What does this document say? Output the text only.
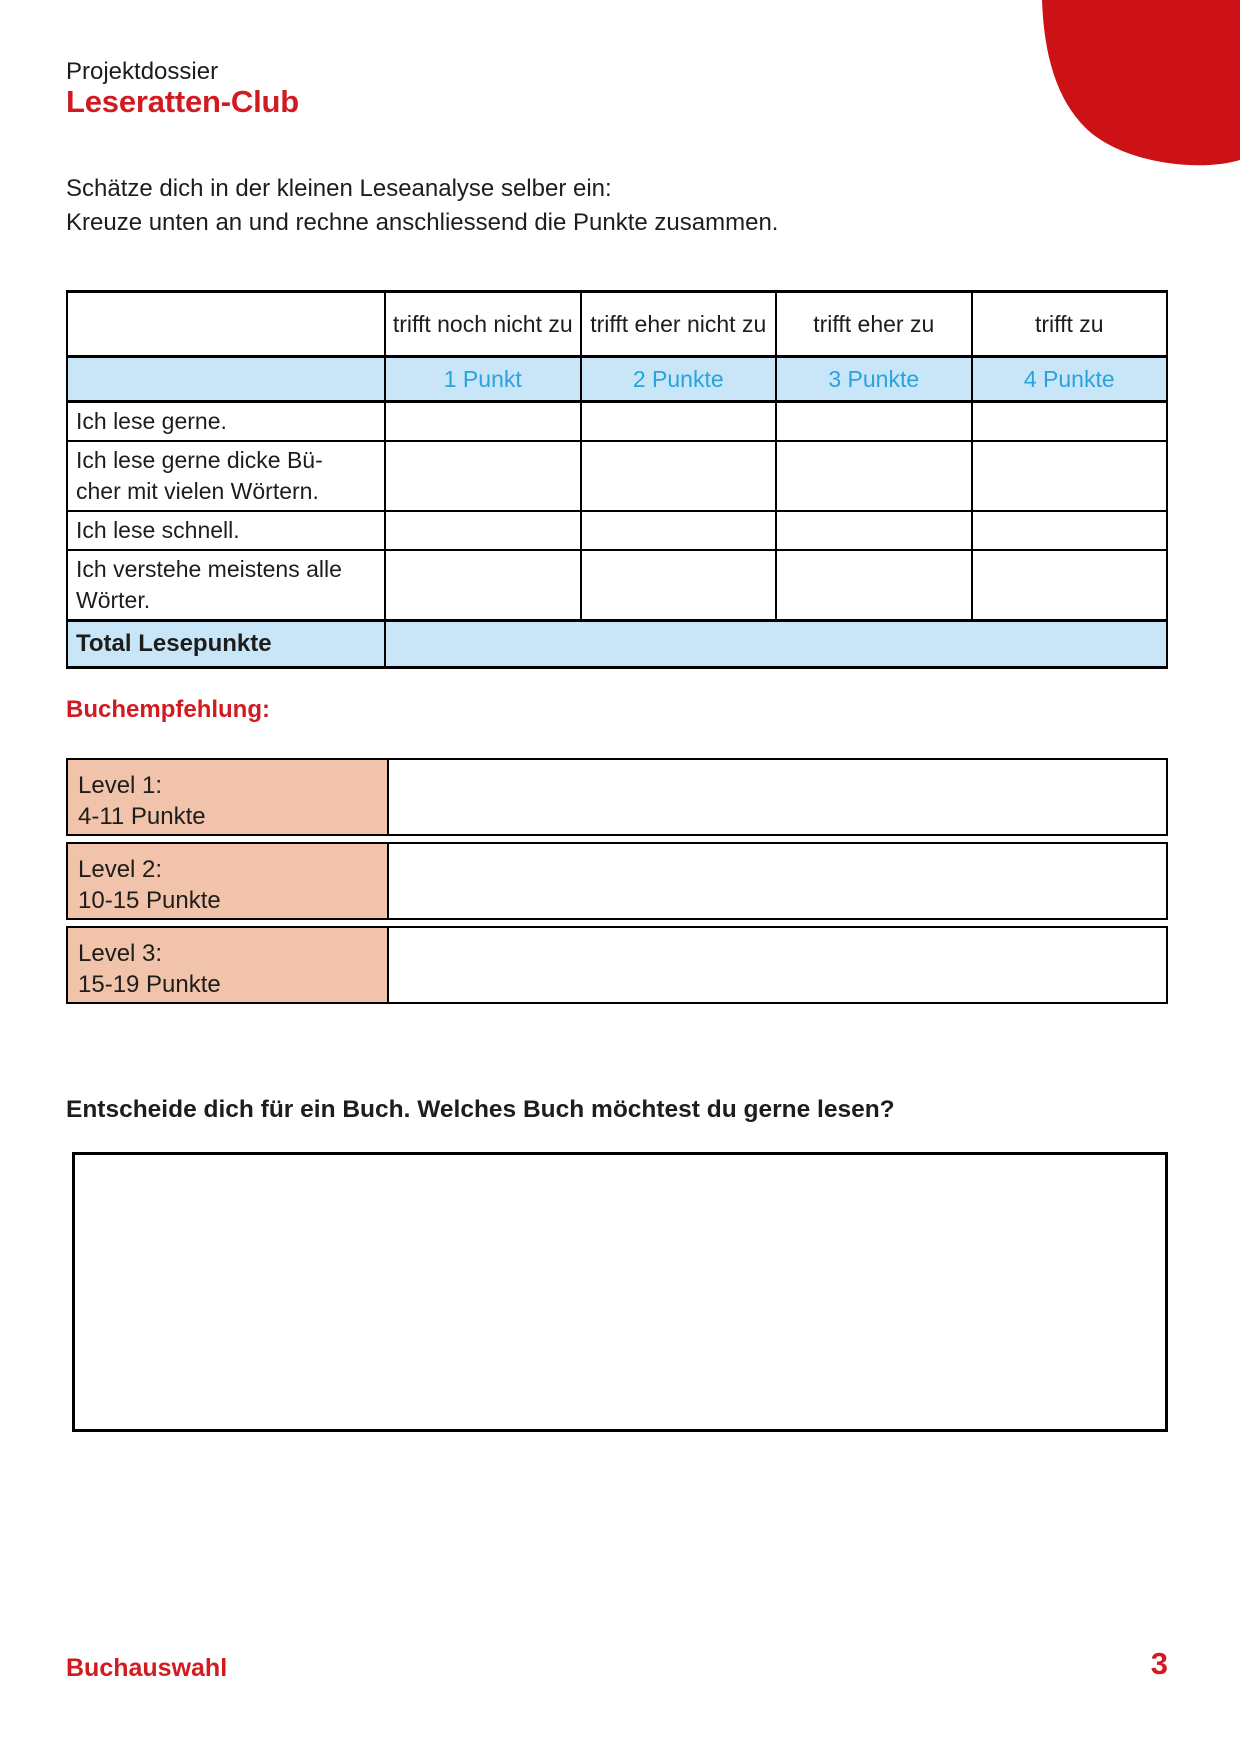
Projektdossier
Leseratten-Club
Schätze dich in der kleinen Leseanalyse selber ein:
Kreuze unten an und rechne anschliessend die Punkte zusammen.
	trifft noch nicht zu	trifft eher nicht zu	trifft eher zu	trifft zu
	1 Punkt	2 Punkte	3 Punkte	4 Punkte
Ich lese gerne.				
Ich lese gerne dicke Bücher mit vielen Wörtern.				
Ich lese schnell.				
Ich verstehe meistens alle Wörter.				
Total Lesepunkte				
Buchempfehlung:
Level 1:
4-11 Punkte
Level 2:
10-15 Punkte
Level 3:
15-19 Punkte

Entscheide dich für ein Buch. Welches Buch möchtest du gerne lesen?

Buchauswahl	3
